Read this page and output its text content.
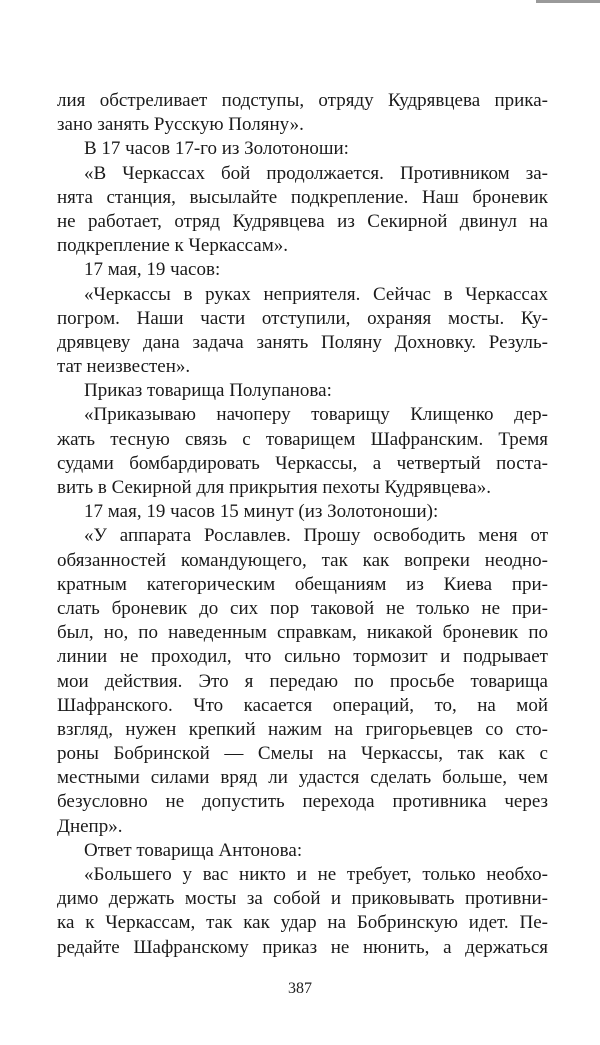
лия обстреливает подступы, отряду Кудрявцева прика-
зано занять Русскую Поляну».
В 17 часов 17-го из Золотоноши:
«В Черкассах бой продолжается. Противником за-
нята станция, высылайте подкрепление. Наш броневик
не работает, отряд Кудрявцева из Секирной двинул на
подкрепление к Черкассам».
17 мая, 19 часов:
«Черкассы в руках неприятеля. Сейчас в Черкассах
погром. Наши части отступили, охраняя мосты. Ку-
дрявцеву дана задача занять Поляну Дохновку. Резуль-
тат неизвестен».
Приказ товарища Полупанова:
«Приказываю начоперу товарищу Клищенко дер-
жать тесную связь с товарищем Шафранским. Тремя
судами бомбардировать Черкассы, а четвертый поста-
вить в Секирной для прикрытия пехоты Кудрявцева».
17 мая, 19 часов 15 минут (из Золотоноши):
«У аппарата Рославлев. Прошу освободить меня от
обязанностей командующего, так как вопреки неодно-
кратным категорическим обещаниям из Киева при-
слать броневик до сих пор таковой не только не при-
был, но, по наведенным справкам, никакой броневик по
линии не проходил, что сильно тормозит и подрывает
мои действия. Это я передаю по просьбе товарища
Шафранского. Что касается операций, то, на мой
взгляд, нужен крепкий нажим на григорьевцев со сто-
роны Бобринской — Смелы на Черкассы, так как с
местными силами вряд ли удастся сделать больше, чем
безусловно не допустить перехода противника через
Днепр».
Ответ товарища Антонова:
«Большего у вас никто и не требует, только необхо-
димо держать мосты за собой и приковывать противни-
ка к Черкассам, так как удар на Бобринскую идет. Пе-
редайте Шафранскому приказ не нюнить, а держаться
387
